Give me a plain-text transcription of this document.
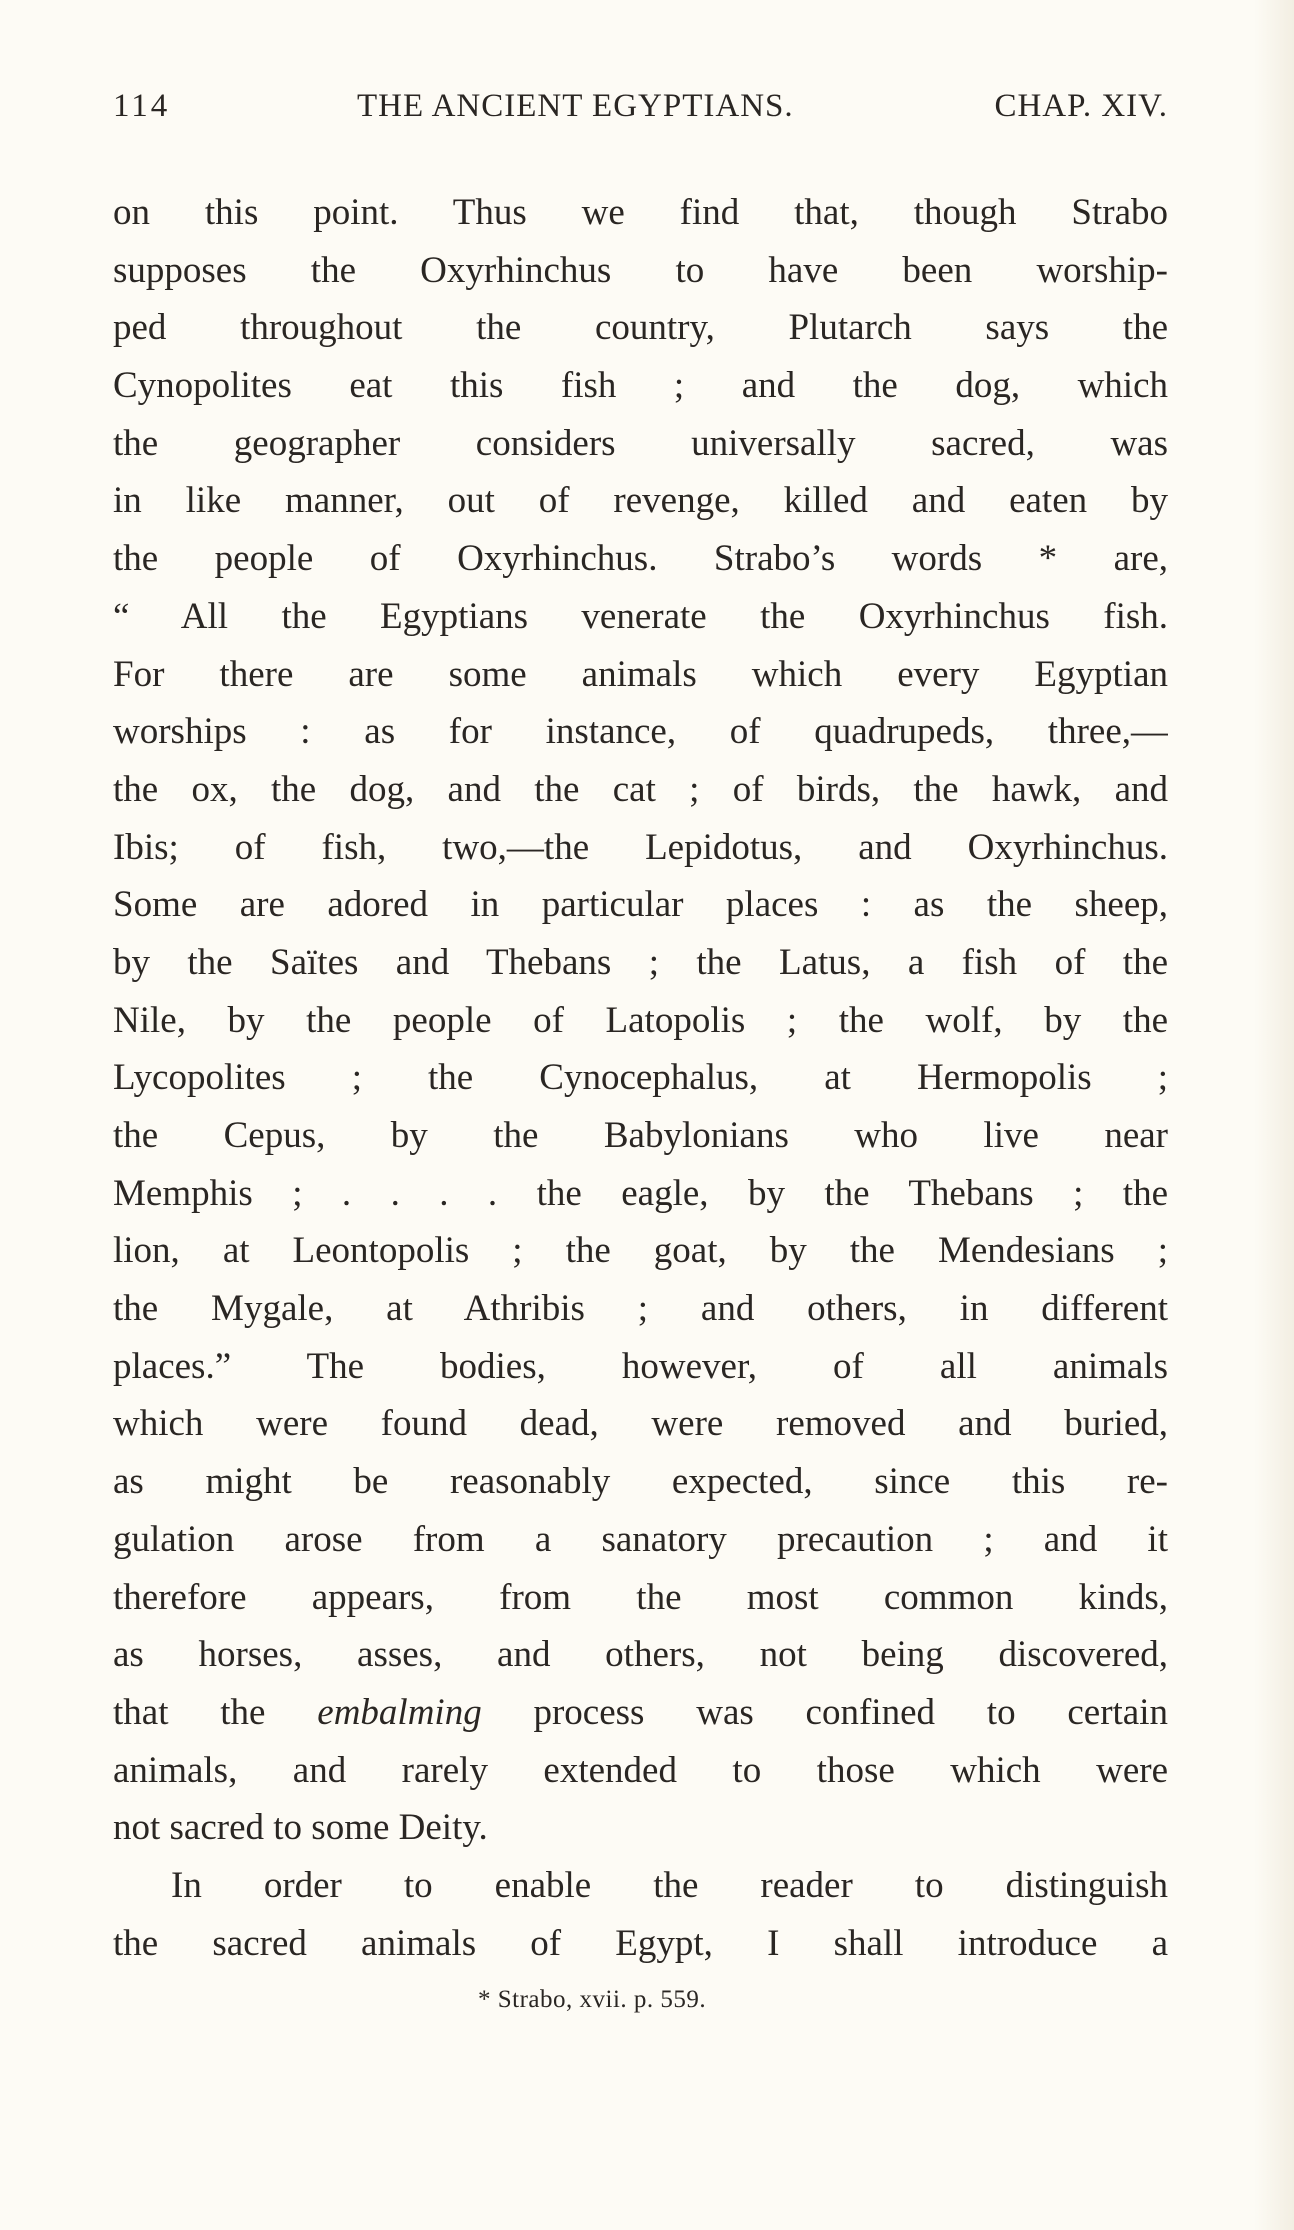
114	THE ANCIENT EGYPTIANS.	CHAP. XIV.
on this point. Thus we find that, though Strabo
supposes the Oxyrhinchus to have been worship-
ped throughout the country, Plutarch says the
Cynopolites eat this fish ; and the dog, which
the geographer considers universally sacred, was
in like manner, out of revenge, killed and eaten by
the people of Oxyrhinchus. Strabo’s words * are,
“ All the Egyptians venerate the Oxyrhinchus fish.
For there are some animals which every Egyptian
worships : as for instance, of quadrupeds, three,—
the ox, the dog, and the cat ; of birds, the hawk, and
Ibis; of fish, two,—the Lepidotus, and Oxyrhinchus.
Some are adored in particular places : as the sheep,
by the Saïtes and Thebans ; the Latus, a fish of the
Nile, by the people of Latopolis ; the wolf, by the
Lycopolites ; the Cynocephalus, at Hermopolis ;
the Cepus, by the Babylonians who live near
Memphis ; . . . . the eagle, by the Thebans ; the
lion, at Leontopolis ; the goat, by the Mendesians ;
the Mygale, at Athribis ; and others, in different
places.” The bodies, however, of all animals
which were found dead, were removed and buried,
as might be reasonably expected, since this re-
gulation arose from a sanatory precaution ; and it
therefore appears, from the most common kinds,
as horses, asses, and others, not being discovered,
that the embalming process was confined to certain
animals, and rarely extended to those which were
not sacred to some Deity.
In order to enable the reader to distinguish
the sacred animals of Egypt, I shall introduce a
* Strabo, xvii. p. 559.
